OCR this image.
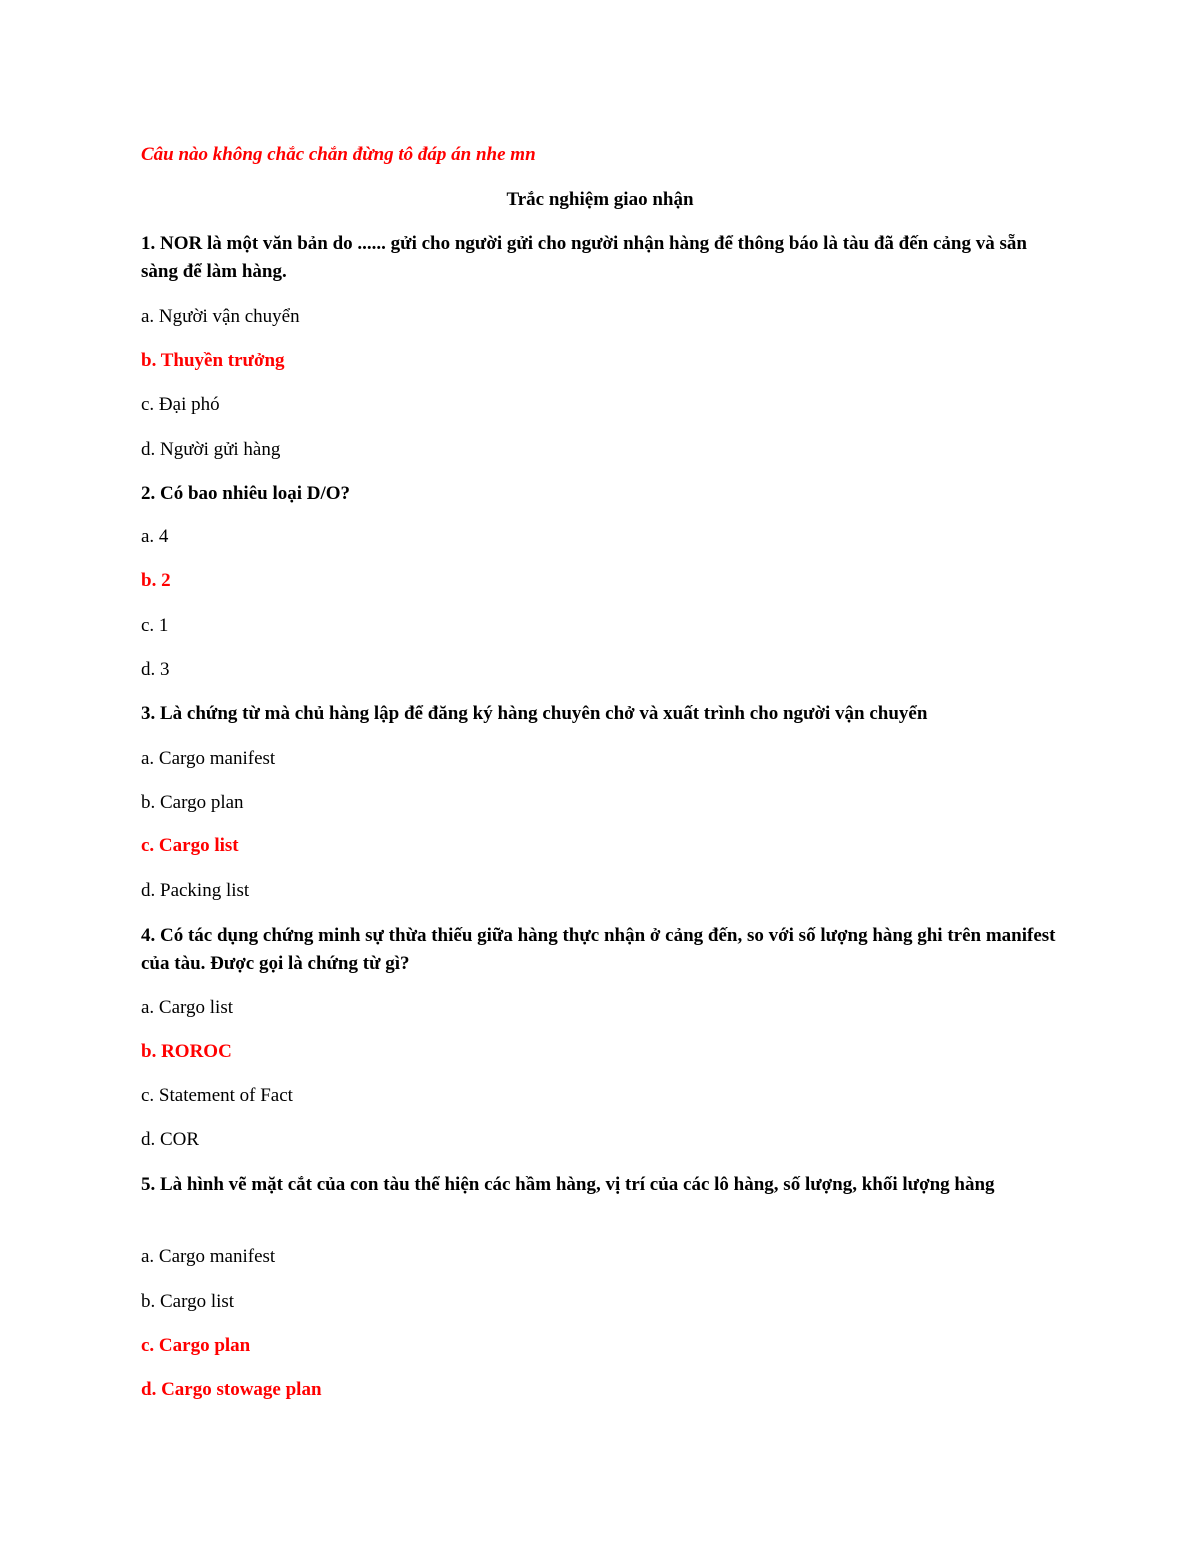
Câu nào không chắc chắn đừng tô đáp án nhe mn
Trắc nghiệm giao nhận
1. NOR là một văn bản do ...... gửi cho người gửi cho người nhận hàng để thông báo là tàu đã đến cảng và sẵn sàng để làm hàng.
a. Người vận chuyển
b. Thuyền trưởng
c. Đại phó
d. Người gửi hàng
2. Có bao nhiêu loại D/O?
a. 4
b. 2
c. 1
d. 3
3. Là chứng từ mà chủ hàng lập để đăng ký hàng chuyên chở và xuất trình cho người vận chuyển
a. Cargo manifest
b. Cargo plan
c. Cargo list
d. Packing list
4. Có tác dụng chứng minh sự thừa thiếu giữa hàng thực nhận ở cảng đến, so với số lượng hàng ghi trên manifest của tàu. Được gọi là chứng từ gì?
a. Cargo list
b. ROROC
c. Statement of Fact
d. COR
5. Là hình vẽ mặt cắt của con tàu thể hiện các hầm hàng, vị trí của các lô hàng, số lượng, khối lượng hàng
a. Cargo manifest
b. Cargo list
c. Cargo plan
d. Cargo stowage plan
